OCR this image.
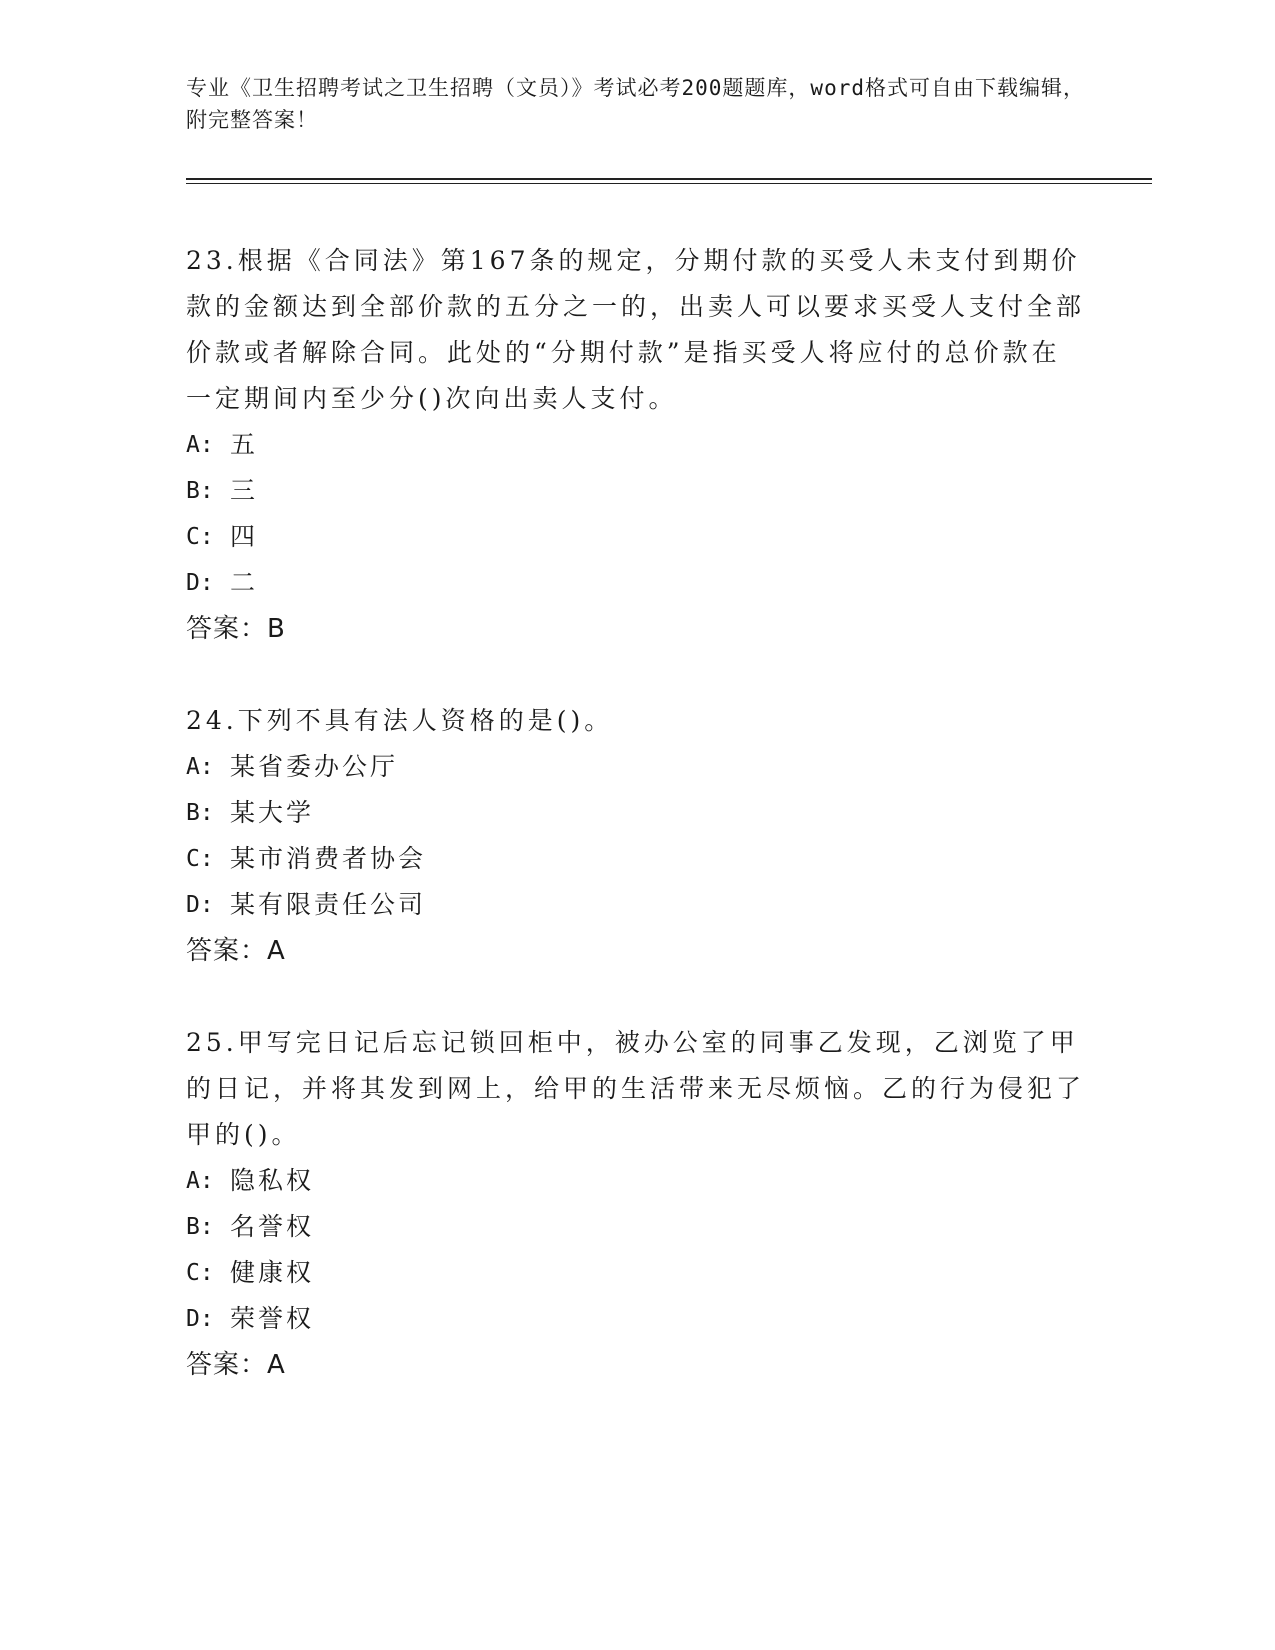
专业《卫生招聘考试之卫生招聘（文员）》考试必考200题题库，word格式可自由下载编辑，附完整答案！

23.根据《合同法》第167条的规定，分期付款的买受人未支付到期价款的金额达到全部价款的五分之一的，出卖人可以要求买受人支付全部价款或者解除合同。此处的“分期付款”是指买受人将应付的总价款在一定期间内至少分()次向出卖人支付。

A: 五
B: 三
C: 四
D: 二

答案：B

24.下列不具有法人资格的是()。

A: 某省委办公厅
B: 某大学
C: 某市消费者协会
D: 某有限责任公司

答案：A

25.甲写完日记后忘记锁回柜中，被办公室的同事乙发现，乙浏览了甲的日记，并将其发到网上，给甲的生活带来无尽烦恼。乙的行为侵犯了甲的()。

A: 隐私权
B: 名誉权
C: 健康权
D: 荣誉权

答案：A
